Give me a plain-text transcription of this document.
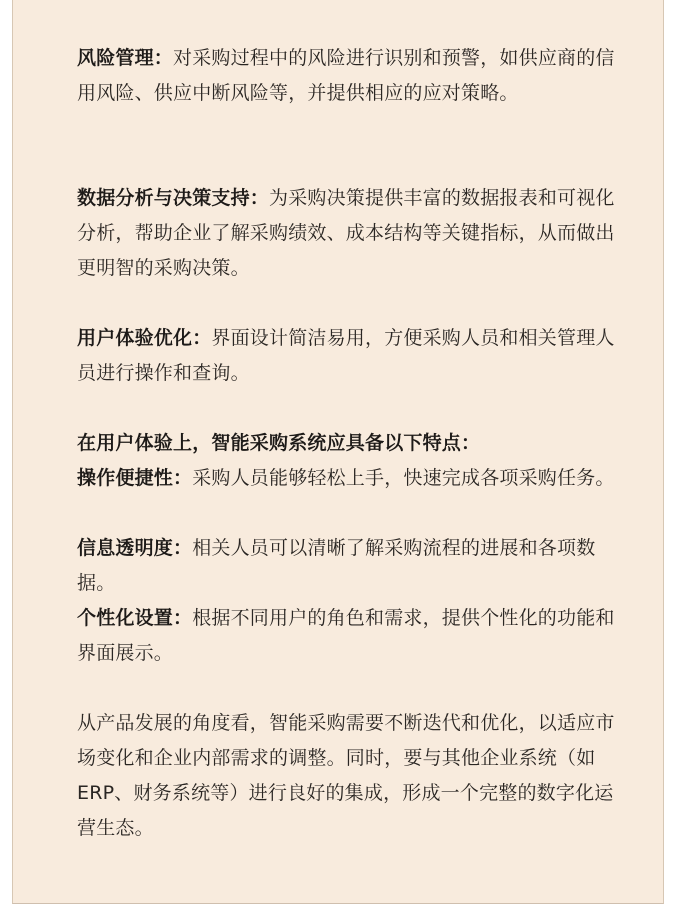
风险管理：对采购过程中的风险进行识别和预警，如供应商的信用风险、供应中断风险等，并提供相应的应对策略。

数据分析与决策支持：为采购决策提供丰富的数据报表和可视化分析，帮助企业了解采购绩效、成本结构等关键指标，从而做出更明智的采购决策。

用户体验优化：界面设计简洁易用，方便采购人员和相关管理人员进行操作和查询。

在用户体验上，智能采购系统应具备以下特点：

操作便捷性：采购人员能够轻松上手，快速完成各项采购任务。

信息透明度：相关人员可以清晰了解采购流程的进展和各项数据。

个性化设置：根据不同用户的角色和需求，提供个性化的功能和界面展示。

从产品发展的角度看，智能采购需要不断迭代和优化，以适应市场变化和企业内部需求的调整。同时，要与其他企业系统（如 ERP、财务系统等）进行良好的集成，形成一个完整的数字化运营生态。
